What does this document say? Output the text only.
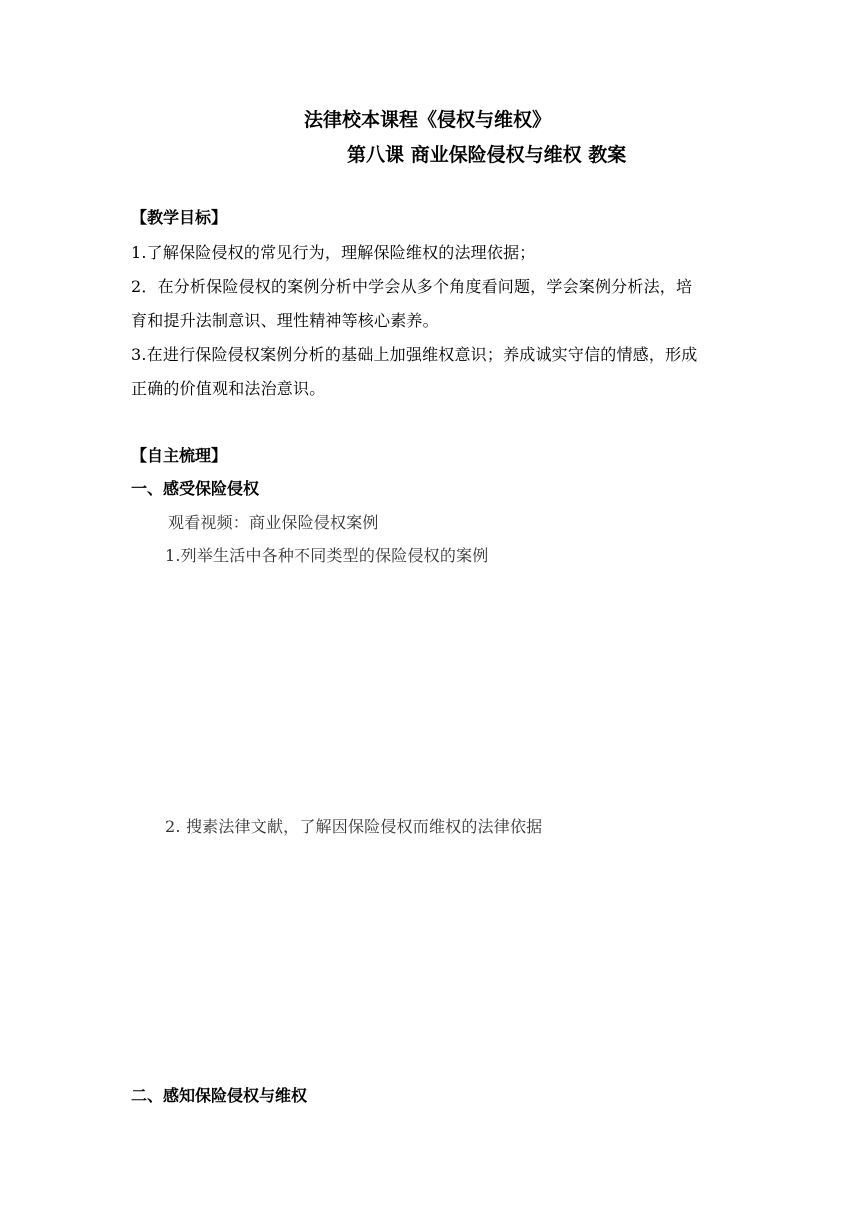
法律校本课程《侵权与维权》
第八课 商业保险侵权与维权 教案
【教学目标】
1.了解保险侵权的常见行为，理解保险维权的法理依据；
2．在分析保险侵权的案例分析中学会从多个角度看问题，学会案例分析法，培
育和提升法制意识、理性精神等核心素养。
3.在进行保险侵权案例分析的基础上加强维权意识；养成诚实守信的情感，形成
正确的价值观和法治意识。
【自主梳理】
一、感受保险侵权
观看视频：商业保险侵权案例
1.列举生活中各种不同类型的保险侵权的案例
2. 搜素法律文献，了解因保险侵权而维权的法律依据
二、感知保险侵权与维权
